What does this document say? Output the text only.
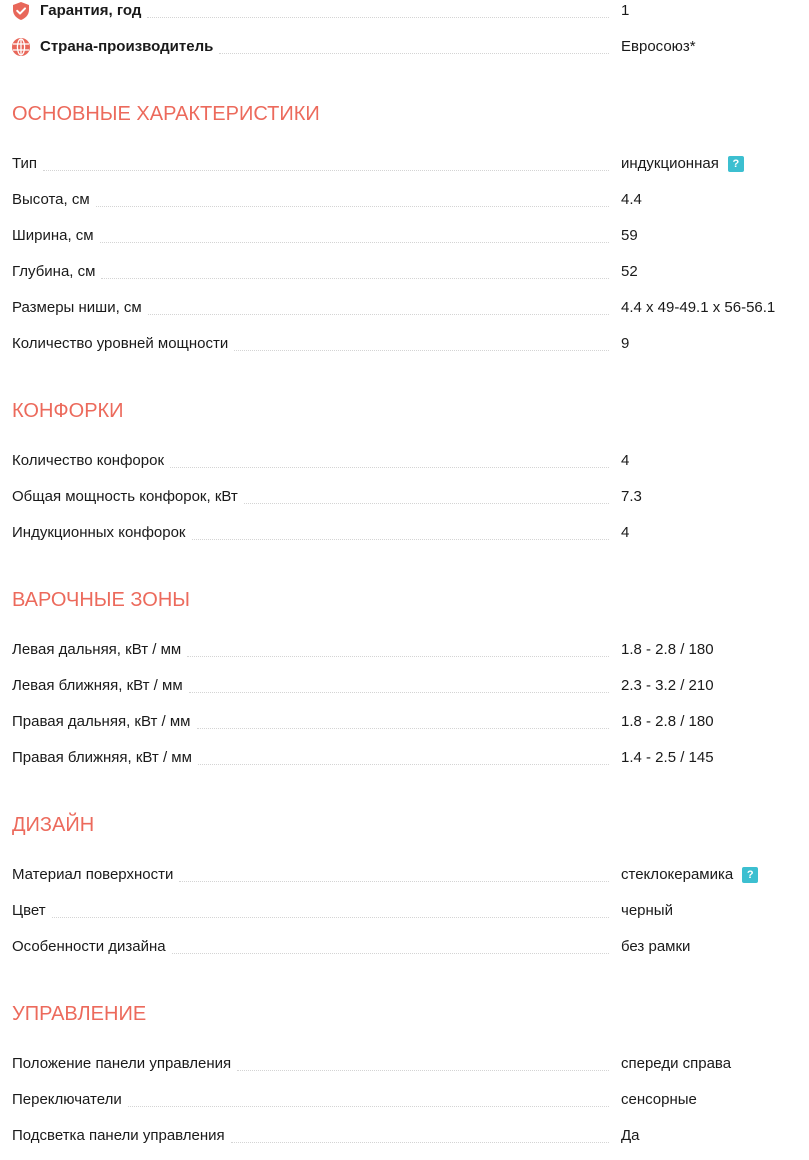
Гарантия, год	1
Страна-производитель	Евросоюз*
ОСНОВНЫЕ ХАРАКТЕРИСТИКИ
Тип	индукционная	?
Высота, см	4.4
Ширина, см	59
Глубина, см	52
Размеры ниши, см	4.4 x 49-49.1 x 56-56.1
Количество уровней мощности	9
КОНФОРКИ
Количество конфорок	4
Общая мощность конфорок, кВт	7.3
Индукционных конфорок	4
ВАРОЧНЫЕ ЗОНЫ
Левая дальняя, кВт / мм	1.8 - 2.8 / 180
Левая ближняя, кВт / мм	2.3 - 3.2 / 210
Правая дальняя, кВт / мм	1.8 - 2.8 / 180
Правая ближняя, кВт / мм	1.4 - 2.5 / 145
ДИЗАЙН
Материал поверхности	стеклокерамика	?
Цвет	черный
Особенности дизайна	без рамки
УПРАВЛЕНИЕ
Положение панели управления	спереди справа
Переключатели	сенсорные
Подсветка панели управления	Да
